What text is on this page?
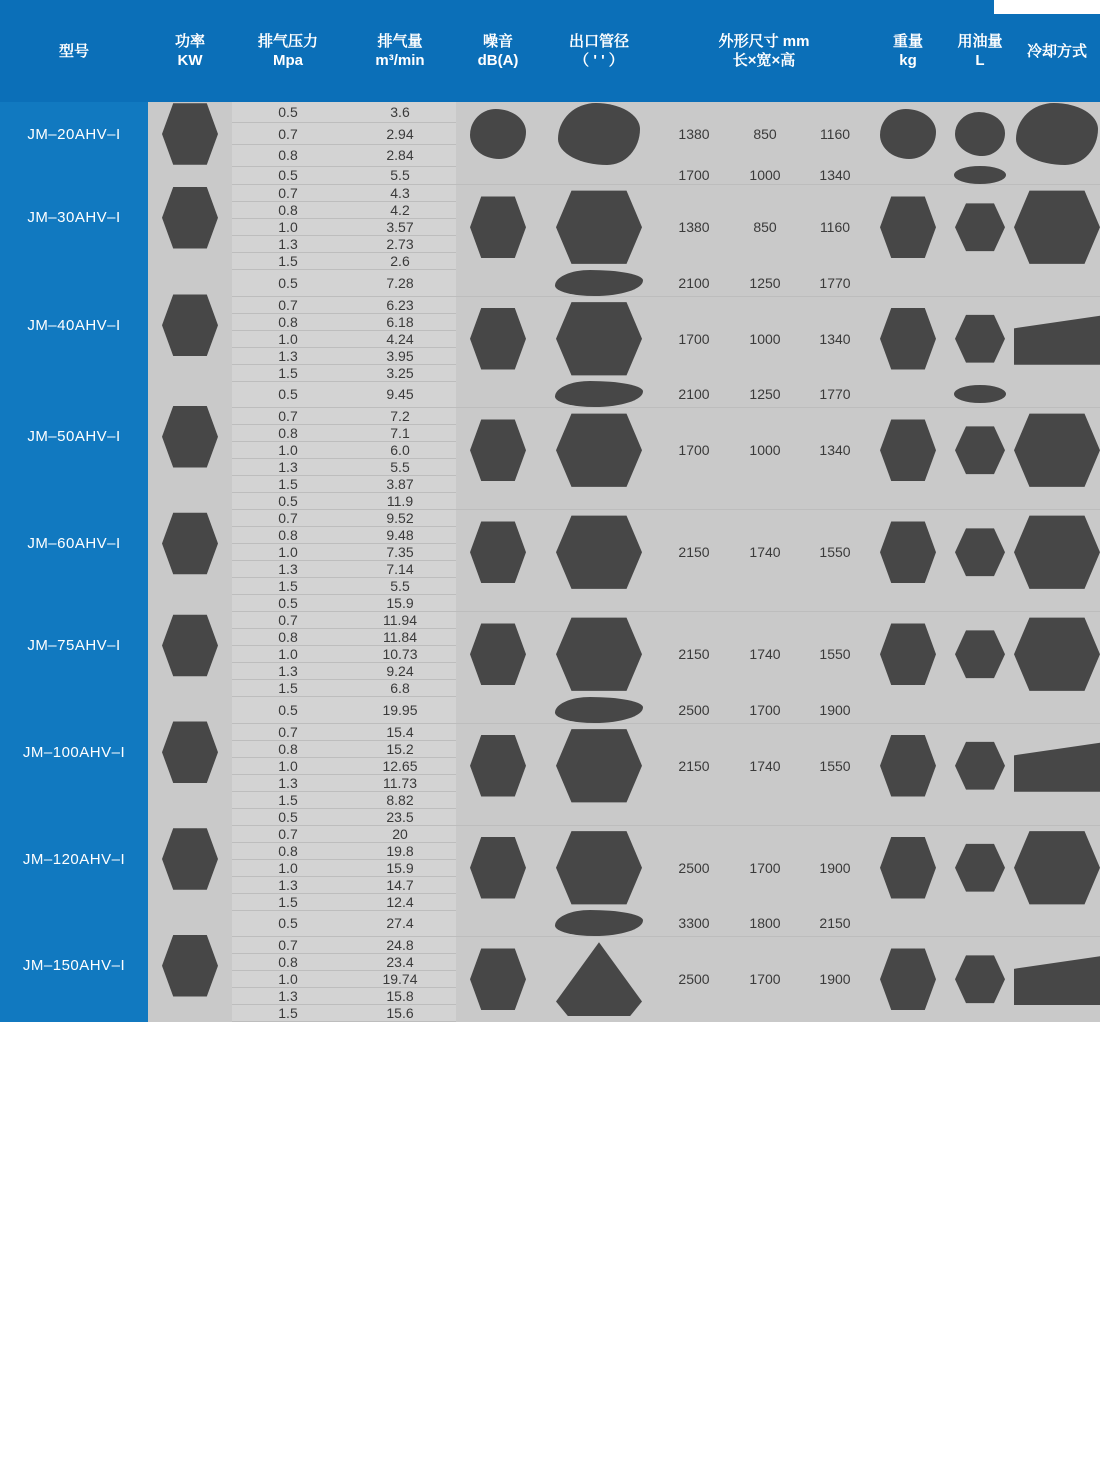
型号

功率
KW

排气压力
Mpa

排气量
m³/min

噪音
dB(A)

出口管径
（ ' ' ）

外形尺寸 mm
长×宽×高

重量
kg

用油量
L

冷却方式

JM–20AHV–I		0.5	3.6			1380	850	1160	

		0.7	2.94								
		0.8	2.84								
JM–30AHV–I		0.5	5.5			1700	1000	1340		

		0.7	4.3			1380	850	1160	

		0.8	4.2								
		1.0	3.57								
		1.3	2.73								
		1.5	2.6								
JM–40AHV–I		0.5	7.28			2100	1250	1770			
		0.7	6.23			1700	1000	1340	

		0.8	6.18								
		1.0	4.24								
		1.3	3.95								
		1.5	3.25								
JM–50AHV–I		0.5	9.45			2100	1250	1770		

		0.7	7.2			1700	1000	1340	

		0.8	7.1								
		1.0	6.0								
		1.3	5.5								
		1.5	3.87								
JM–60AHV–I		0.5	11.9								
		0.7	9.52			2150	1740	1550	

		0.8	9.48								
		1.0	7.35								
		1.3	7.14								
		1.5	5.5								
JM–75AHV–I		0.5	15.9								
		0.7	11.94			2150	1740	1550	

		0.8	11.84								
		1.0	10.73								
		1.3	9.24								
		1.5	6.8								
JM–100AHV–I		0.5	19.95			2500	1700	1900			
		0.7	15.4			2150	1740	1550	

		0.8	15.2								
		1.0	12.65								
		1.3	11.73								
		1.5	8.82								
JM–120AHV–I		0.5	23.5								
		0.7	20			2500	1700	1900	

		0.8	19.8								
		1.0	15.9								
		1.3	14.7								
		1.5	12.4								
JM–150AHV–I		0.5	27.4			3300	1800	2150			
		0.7	24.8			2500	1700	1900	

		0.8	23.4								
		1.0	19.74								
		1.3	15.8								
		1.5	15.6								
